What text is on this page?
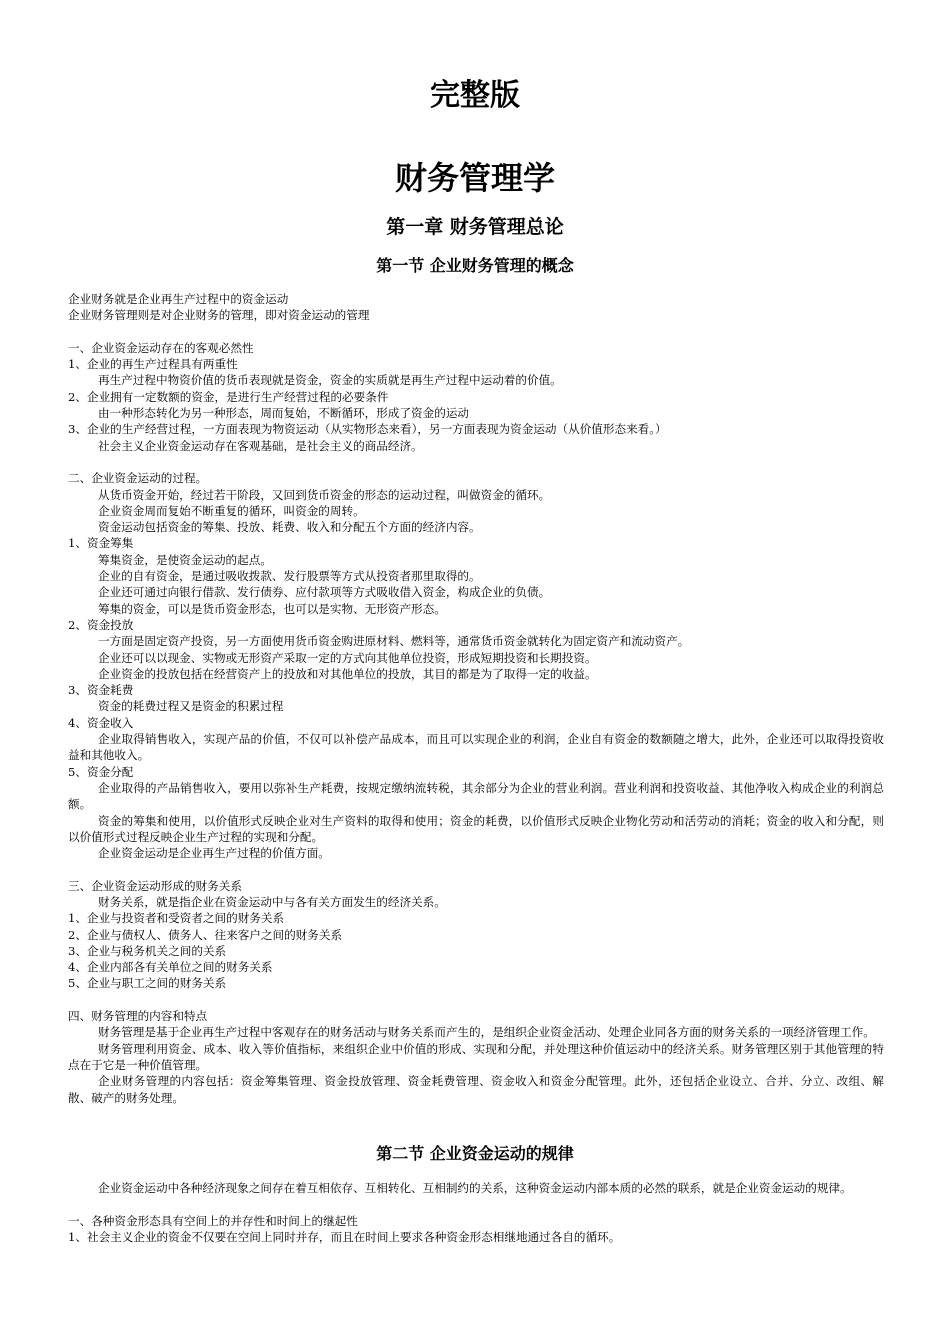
完整版
财务管理学
第一章 财务管理总论
第一节 企业财务管理的概念

企业财务就是企业再生产过程中的资金运动

企业财务管理则是对企业财务的管理，即对资金运动的管理

一、企业资金运动存在的客观必然性

1、企业的再生产过程具有两重性

再生产过程中物资价值的货币表现就是资金，资金的实质就是再生产过程中运动着的价值。

2、企业拥有一定数额的资金，是进行生产经营过程的必要条件

由一种形态转化为另一种形态，周而复始，不断循环，形成了资金的运动

3、企业的生产经营过程，一方面表现为物资运动（从实物形态来看），另一方面表现为资金运动（从价值形态来看。）

社会主义企业资金运动存在客观基础，是社会主义的商品经济。

二、企业资金运动的过程。

从货币资金开始，经过若干阶段，又回到货币资金的形态的运动过程，叫做资金的循环。

企业资金周而复始不断重复的循环，叫资金的周转。

资金运动包括资金的筹集、投放、耗费、收入和分配五个方面的经济内容。

1、资金筹集

筹集资金，是使资金运动的起点。

企业的自有资金，是通过吸收拨款、发行股票等方式从投资者那里取得的。

企业还可通过向银行借款、发行债券、应付款项等方式吸收借入资金，构成企业的负债。

筹集的资金，可以是货币资金形态，也可以是实物、无形资产形态。

2、资金投放

一方面是固定资产投资，另一方面使用货币资金购进原材料、燃料等，通常货币资金就转化为固定资产和流动资产。

企业还可以以现金、实物或无形资产采取一定的方式向其他单位投资，形成短期投资和长期投资。

企业资金的投放包括在经营资产上的投放和对其他单位的投放，其目的都是为了取得一定的收益。

3、资金耗费

资金的耗费过程又是资金的积累过程

4、资金收入

企业取得销售收入，实现产品的价值，不仅可以补偿产品成本，而且可以实现企业的利润，企业自有资金的数额随之增大，此外，企业还可以取得投资收益和其他收入。

5、资金分配

企业取得的产品销售收入，要用以弥补生产耗费，按规定缴纳流转税，其余部分为企业的营业利润。营业利润和投资收益、其他净收入构成企业的利润总额。

资金的筹集和使用，以价值形式反映企业对生产资料的取得和使用；资金的耗费，以价值形式反映企业物化劳动和活劳动的消耗；资金的收入和分配，则以价值形式过程反映企业生产过程的实现和分配。

企业资金运动是企业再生产过程的价值方面。

三、企业资金运动形成的财务关系

财务关系，就是指企业在资金运动中与各有关方面发生的经济关系。

1、企业与投资者和受资者之间的财务关系

2、企业与债权人、债务人、往来客户之间的财务关系

3、企业与税务机关之间的关系

4、企业内部各有关单位之间的财务关系

5、企业与职工之间的财务关系

四、财务管理的内容和特点

财务管理是基于企业再生产过程中客观存在的财务活动与财务关系而产生的，是组织企业资金活动、处理企业同各方面的财务关系的一项经济管理工作。

财务管理利用资金、成本、收入等价值指标，来组织企业中价值的形成、实现和分配，并处理这种价值运动中的经济关系。财务管理区别于其他管理的特点在于它是一种价值管理。

企业财务管理的内容包括：资金筹集管理、资金投放管理、资金耗费管理、资金收入和资金分配管理。此外，还包括企业设立、合并、分立、改组、解散、破产的财务处理。

第二节 企业资金运动的规律

企业资金运动中各种经济现象之间存在着互相依存、互相转化、互相制约的关系，这种资金运动内部本质的必然的联系，就是企业资金运动的规律。

一、各种资金形态具有空间上的并存性和时间上的继起性

1、社会主义企业的资金不仅要在空间上同时并存，而且在时间上要求各种资金形态相继地通过各自的循环。
